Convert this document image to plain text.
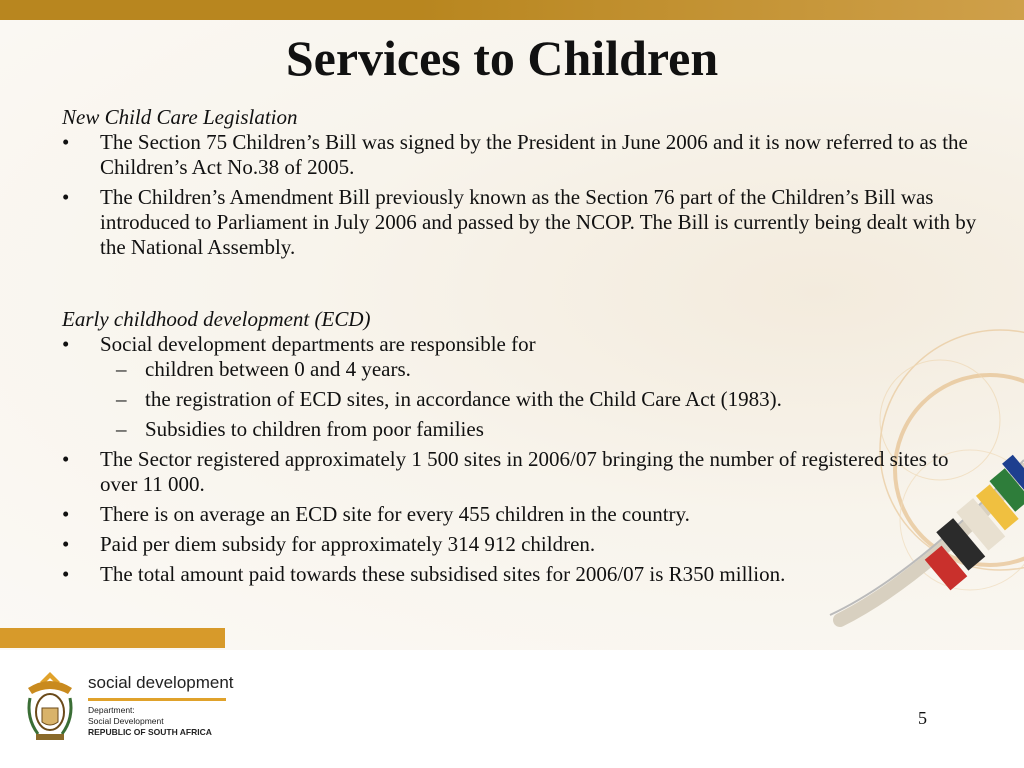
Services to Children

New Child Care Legislation

• The Section 75 Children’s Bill was signed by the President in June 2006 and it is now referred to as the Children’s Act No.38 of 2005.

• The Children’s Amendment Bill previously known as the Section 76 part of the Children’s Bill was introduced to Parliament in July 2006 and passed by the NCOP. The Bill is currently being dealt with by the National Assembly.

Early childhood development (ECD)

• Social development departments are responsible for

– children between 0 and 4 years.

– the registration of ECD sites, in accordance with the Child Care Act (1983).

– Subsidies to children from poor families

• The Sector registered approximately 1 500 sites in 2006/07 bringing the number of registered sites to over 11 000.

• There is on average an ECD site for every 455 children in the country.

• Paid per diem subsidy for approximately 314 912 children.

• The total amount paid towards these subsidised sites for 2006/07 is R350 million.

social development
Department:
Social Development
REPUBLIC OF SOUTH AFRICA
5
